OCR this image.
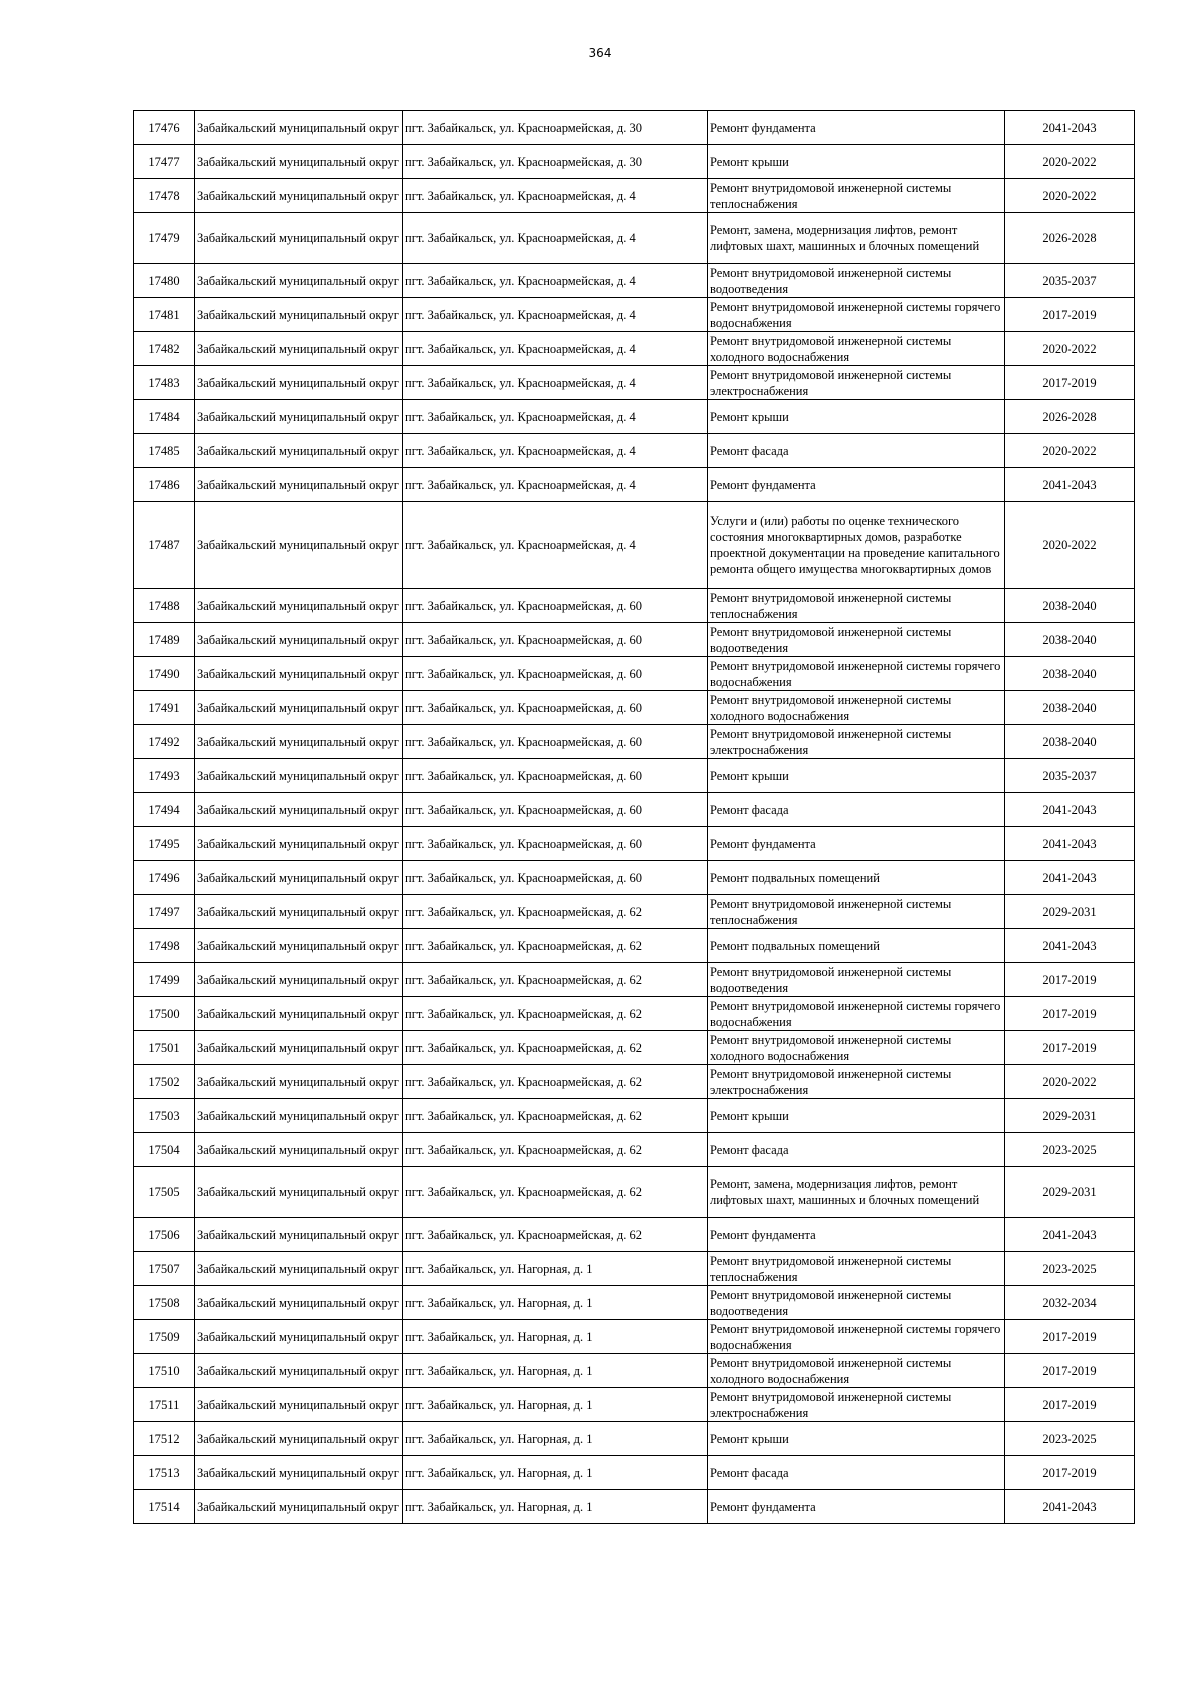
364
17476	Забайкальский муниципальный округ	пгт. Забайкальск, ул. Красноармейская, д. 30	Ремонт фундамента	2041-2043
17477	Забайкальский муниципальный округ	пгт. Забайкальск, ул. Красноармейская, д. 30	Ремонт крыши	2020-2022
17478	Забайкальский муниципальный округ	пгт. Забайкальск, ул. Красноармейская, д. 4	Ремонт внутридомовой инженерной системы теплоснабжения	2020-2022
17479	Забайкальский муниципальный округ	пгт. Забайкальск, ул. Красноармейская, д. 4	Ремонт, замена, модернизация лифтов, ремонт лифтовых шахт, машинных и блочных помещений	2026-2028
17480	Забайкальский муниципальный округ	пгт. Забайкальск, ул. Красноармейская, д. 4	Ремонт внутридомовой инженерной системы водоотведения	2035-2037
17481	Забайкальский муниципальный округ	пгт. Забайкальск, ул. Красноармейская, д. 4	Ремонт внутридомовой инженерной системы горячего водоснабжения	2017-2019
17482	Забайкальский муниципальный округ	пгт. Забайкальск, ул. Красноармейская, д. 4	Ремонт внутридомовой инженерной системы холодного водоснабжения	2020-2022
17483	Забайкальский муниципальный округ	пгт. Забайкальск, ул. Красноармейская, д. 4	Ремонт внутридомовой инженерной системы электроснабжения	2017-2019
17484	Забайкальский муниципальный округ	пгт. Забайкальск, ул. Красноармейская, д. 4	Ремонт крыши	2026-2028
17485	Забайкальский муниципальный округ	пгт. Забайкальск, ул. Красноармейская, д. 4	Ремонт фасада	2020-2022
17486	Забайкальский муниципальный округ	пгт. Забайкальск, ул. Красноармейская, д. 4	Ремонт фундамента	2041-2043
17487	Забайкальский муниципальный округ	пгт. Забайкальск, ул. Красноармейская, д. 4	Услуги и (или) работы по оценке технического состояния многоквартирных домов, разработке проектной документации на проведение капитального ремонта общего имущества многоквартирных домов	2020-2022
17488	Забайкальский муниципальный округ	пгт. Забайкальск, ул. Красноармейская, д. 60	Ремонт внутридомовой инженерной системы теплоснабжения	2038-2040
17489	Забайкальский муниципальный округ	пгт. Забайкальск, ул. Красноармейская, д. 60	Ремонт внутридомовой инженерной системы водоотведения	2038-2040
17490	Забайкальский муниципальный округ	пгт. Забайкальск, ул. Красноармейская, д. 60	Ремонт внутридомовой инженерной системы горячего водоснабжения	2038-2040
17491	Забайкальский муниципальный округ	пгт. Забайкальск, ул. Красноармейская, д. 60	Ремонт внутридомовой инженерной системы холодного водоснабжения	2038-2040
17492	Забайкальский муниципальный округ	пгт. Забайкальск, ул. Красноармейская, д. 60	Ремонт внутридомовой инженерной системы электроснабжения	2038-2040
17493	Забайкальский муниципальный округ	пгт. Забайкальск, ул. Красноармейская, д. 60	Ремонт крыши	2035-2037
17494	Забайкальский муниципальный округ	пгт. Забайкальск, ул. Красноармейская, д. 60	Ремонт фасада	2041-2043
17495	Забайкальский муниципальный округ	пгт. Забайкальск, ул. Красноармейская, д. 60	Ремонт фундамента	2041-2043
17496	Забайкальский муниципальный округ	пгт. Забайкальск, ул. Красноармейская, д. 60	Ремонт подвальных помещений	2041-2043
17497	Забайкальский муниципальный округ	пгт. Забайкальск, ул. Красноармейская, д. 62	Ремонт внутридомовой инженерной системы теплоснабжения	2029-2031
17498	Забайкальский муниципальный округ	пгт. Забайкальск, ул. Красноармейская, д. 62	Ремонт подвальных помещений	2041-2043
17499	Забайкальский муниципальный округ	пгт. Забайкальск, ул. Красноармейская, д. 62	Ремонт внутридомовой инженерной системы водоотведения	2017-2019
17500	Забайкальский муниципальный округ	пгт. Забайкальск, ул. Красноармейская, д. 62	Ремонт внутридомовой инженерной системы горячего водоснабжения	2017-2019
17501	Забайкальский муниципальный округ	пгт. Забайкальск, ул. Красноармейская, д. 62	Ремонт внутридомовой инженерной системы холодного водоснабжения	2017-2019
17502	Забайкальский муниципальный округ	пгт. Забайкальск, ул. Красноармейская, д. 62	Ремонт внутридомовой инженерной системы электроснабжения	2020-2022
17503	Забайкальский муниципальный округ	пгт. Забайкальск, ул. Красноармейская, д. 62	Ремонт крыши	2029-2031
17504	Забайкальский муниципальный округ	пгт. Забайкальск, ул. Красноармейская, д. 62	Ремонт фасада	2023-2025
17505	Забайкальский муниципальный округ	пгт. Забайкальск, ул. Красноармейская, д. 62	Ремонт, замена, модернизация лифтов, ремонт лифтовых шахт, машинных и блочных помещений	2029-2031
17506	Забайкальский муниципальный округ	пгт. Забайкальск, ул. Красноармейская, д. 62	Ремонт фундамента	2041-2043
17507	Забайкальский муниципальный округ	пгт. Забайкальск, ул. Нагорная, д. 1	Ремонт внутридомовой инженерной системы теплоснабжения	2023-2025
17508	Забайкальский муниципальный округ	пгт. Забайкальск, ул. Нагорная, д. 1	Ремонт внутридомовой инженерной системы водоотведения	2032-2034
17509	Забайкальский муниципальный округ	пгт. Забайкальск, ул. Нагорная, д. 1	Ремонт внутридомовой инженерной системы горячего водоснабжения	2017-2019
17510	Забайкальский муниципальный округ	пгт. Забайкальск, ул. Нагорная, д. 1	Ремонт внутридомовой инженерной системы холодного водоснабжения	2017-2019
17511	Забайкальский муниципальный округ	пгт. Забайкальск, ул. Нагорная, д. 1	Ремонт внутридомовой инженерной системы электроснабжения	2017-2019
17512	Забайкальский муниципальный округ	пгт. Забайкальск, ул. Нагорная, д. 1	Ремонт крыши	2023-2025
17513	Забайкальский муниципальный округ	пгт. Забайкальск, ул. Нагорная, д. 1	Ремонт фасада	2017-2019
17514	Забайкальский муниципальный округ	пгт. Забайкальск, ул. Нагорная, д. 1	Ремонт фундамента	2041-2043
